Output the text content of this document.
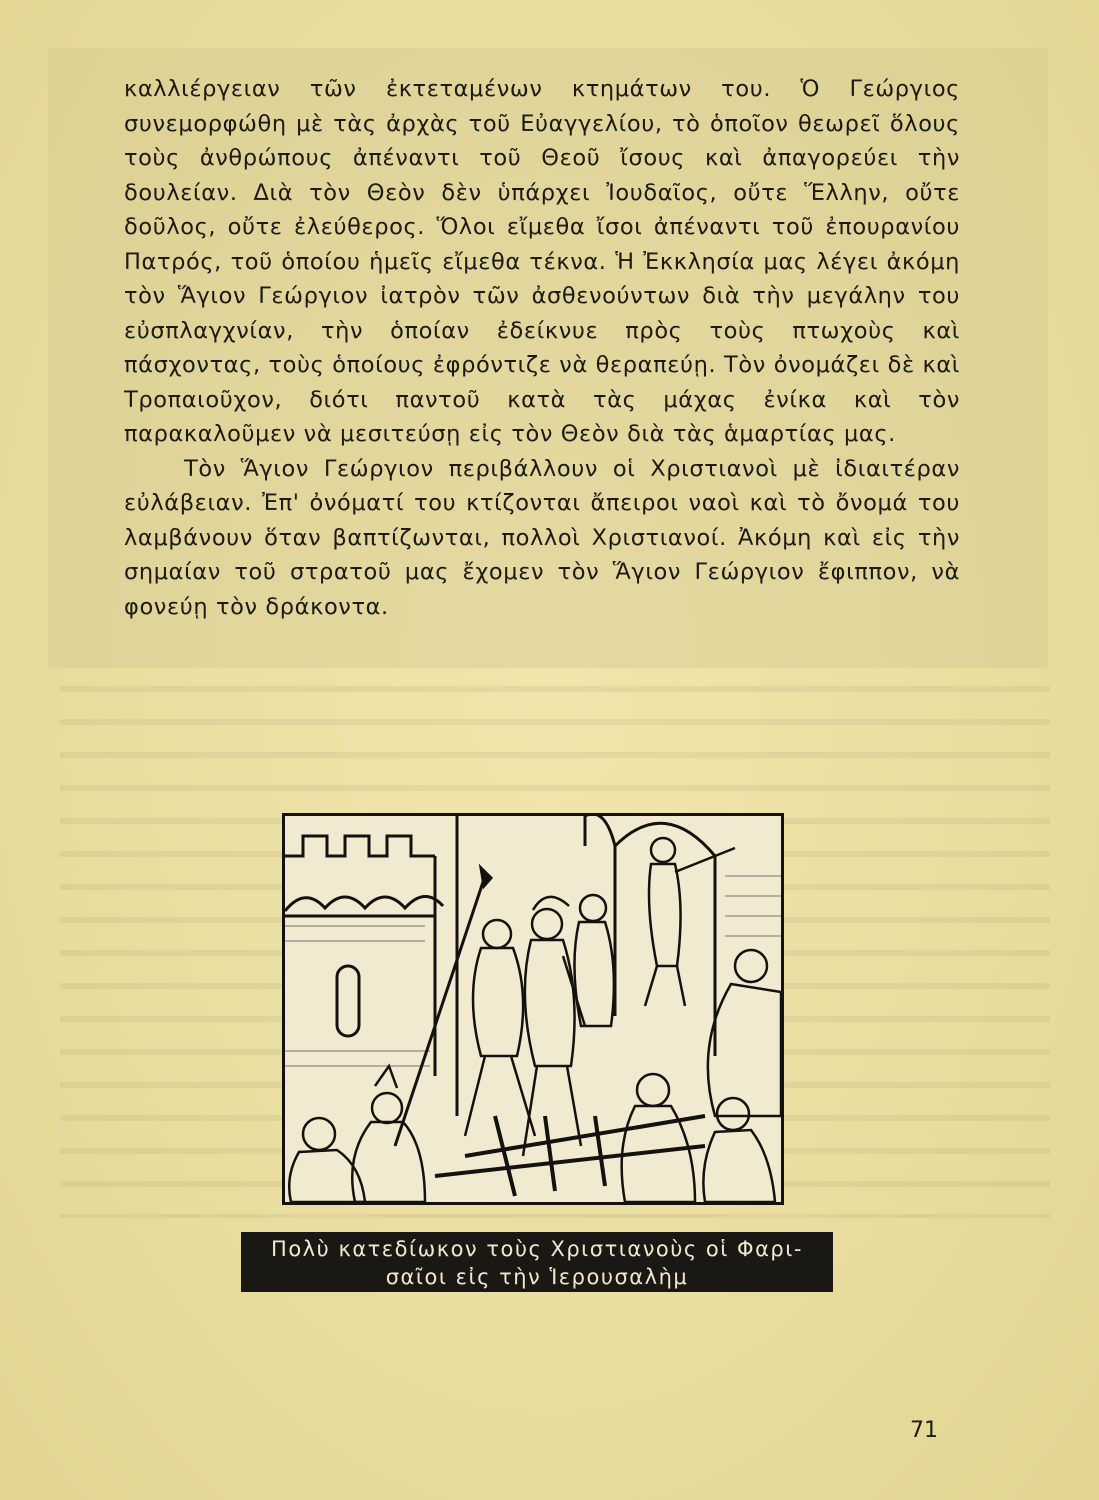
καλλιέργειαν τῶν ἐκτεταμένων κτημάτων του. Ὁ Γεώργιος συνεμορφώθη μὲ τὰς ἀρχὰς τοῦ Εὐαγγελίου, τὸ ὁποῖον θεωρεῖ ὅλους τοὺς ἀνθρώπους ἀπέναντι τοῦ Θεοῦ ἴσους καὶ ἀπαγορεύει τὴν δουλείαν. Διὰ τὸν Θεὸν δὲν ὑπάρχει Ἰουδαῖος, οὔτε Ἕλλην, οὔτε δοῦλος, οὔτε ἐλεύθερος. Ὅλοι εἴμεθα ἴσοι ἀπέναντι τοῦ ἐπουρανίου Πατρός, τοῦ ὁποίου ἡμεῖς εἴμεθα τέκνα. Ἡ Ἐκκλησία μας λέγει ἀκόμη τὸν Ἅγιον Γεώργιον ἰατρὸν τῶν ἀσθενούντων διὰ τὴν μεγάλην του εὐσπλαγχνίαν, τὴν ὁποίαν ἐδείκνυε πρὸς τοὺς πτωχοὺς καὶ πάσχοντας, τοὺς ὁποίους ἐφρόντιζε νὰ θεραπεύῃ. Τὸν ὀνομάζει δὲ καὶ Τροπαιοῦχον, διότι παντοῦ κατὰ τὰς μάχας ἐνίκα καὶ τὸν παρακαλοῦμεν νὰ μεσιτεύσῃ εἰς τὸν Θεὸν διὰ τὰς ἁμαρτίας μας.

Τὸν Ἅγιον Γεώργιον περιβάλλουν οἱ Χριστιανοὶ μὲ ἰδιαιτέραν εὐλάβειαν. Ἐπ' ὀνόματί του κτίζονται ἄπειροι ναοὶ καὶ τὸ ὄνομά του λαμβάνουν ὅταν βαπτίζωνται, πολλοὶ Χριστιανοί. Ἀκόμη καὶ εἰς τὴν σημαίαν τοῦ στρατοῦ μας ἔχομεν τὸν Ἅγιον Γεώργιον ἔφιππον, νὰ φονεύῃ τὸν δράκοντα.

Πολὺ κατεδίωκον τοὺς Χριστιανοὺς οἱ Φαρι-
σαῖοι εἰς τὴν Ἱερουσαλὴμ
71
